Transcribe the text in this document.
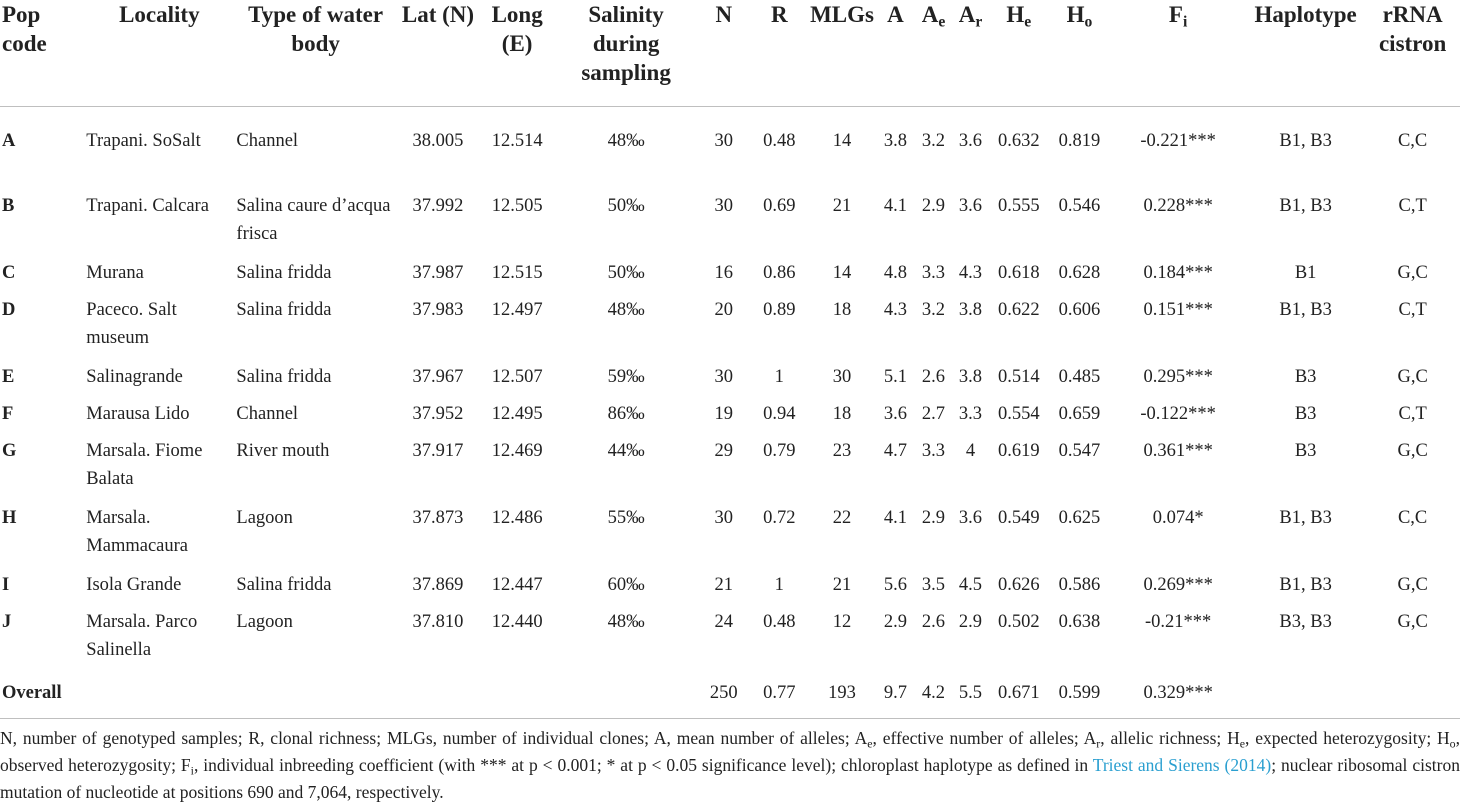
Pop code	Locality	Type of water body	Lat (N)	Long (E)	Salinity during sampling	N	R	MLGs	A	$A_e$	$A_r$	$H_e$	$H_o$	$F_i$	Haplotype	rRNA cistron
A	Trapani. SoSalt	Channel	38.005	12.514	48‰	30	0.48	14	3.8	3.2	3.6	0.632	0.819	-0.221***	B1, B3	C,C
B	Trapani. Calcara	Salina caure d’acqua frisca	37.992	12.505	50‰	30	0.69	21	4.1	2.9	3.6	0.555	0.546	0.228***	B1, B3	C,T
C	Murana	Salina fridda	37.987	12.515	50‰	16	0.86	14	4.8	3.3	4.3	0.618	0.628	0.184***	B1	G,C
D	Paceco. Salt museum	Salina fridda	37.983	12.497	48‰	20	0.89	18	4.3	3.2	3.8	0.622	0.606	0.151***	B1, B3	C,T
E	Salinagrande	Salina fridda	37.967	12.507	59‰	30	1	30	5.1	2.6	3.8	0.514	0.485	0.295***	B3	G,C
F	Marausa Lido	Channel	37.952	12.495	86‰	19	0.94	18	3.6	2.7	3.3	0.554	0.659	-0.122***	B3	C,T
G	Marsala. Fiome Balata	River mouth	37.917	12.469	44‰	29	0.79	23	4.7	3.3	4	0.619	0.547	0.361***	B3	G,C
H	Marsala. Mammacaura	Lagoon	37.873	12.486	55‰	30	0.72	22	4.1	2.9	3.6	0.549	0.625	0.074*	B1, B3	C,C
I	Isola Grande	Salina fridda	37.869	12.447	60‰	21	1	21	5.6	3.5	4.5	0.626	0.586	0.269***	B1, B3	G,C
J	Marsala. Parco Salinella	Lagoon	37.810	12.440	48‰	24	0.48	12	2.9	2.6	2.9	0.502	0.638	-0.21***	B3, B3	G,C
Overall						250	0.77	193	9.7	4.2	5.5	0.671	0.599	0.329***		
N, number of genotyped samples; R, clonal richness; MLGs, number of individual clones; A, mean number of alleles; $A_e$, effective number of alleles; $A_r$, allelic richness; $H_e$, expected heterozygosity; $H_o$, observed heterozygosity; $F_i$, individual inbreeding coefficient (with *** at p < 0.001; * at p < 0.05 significance level); chloroplast haplotype as defined in Triest and Sierens (2014); nuclear ribosomal cistron mutation of nucleotide at positions 690 and 7,064, respectively.
